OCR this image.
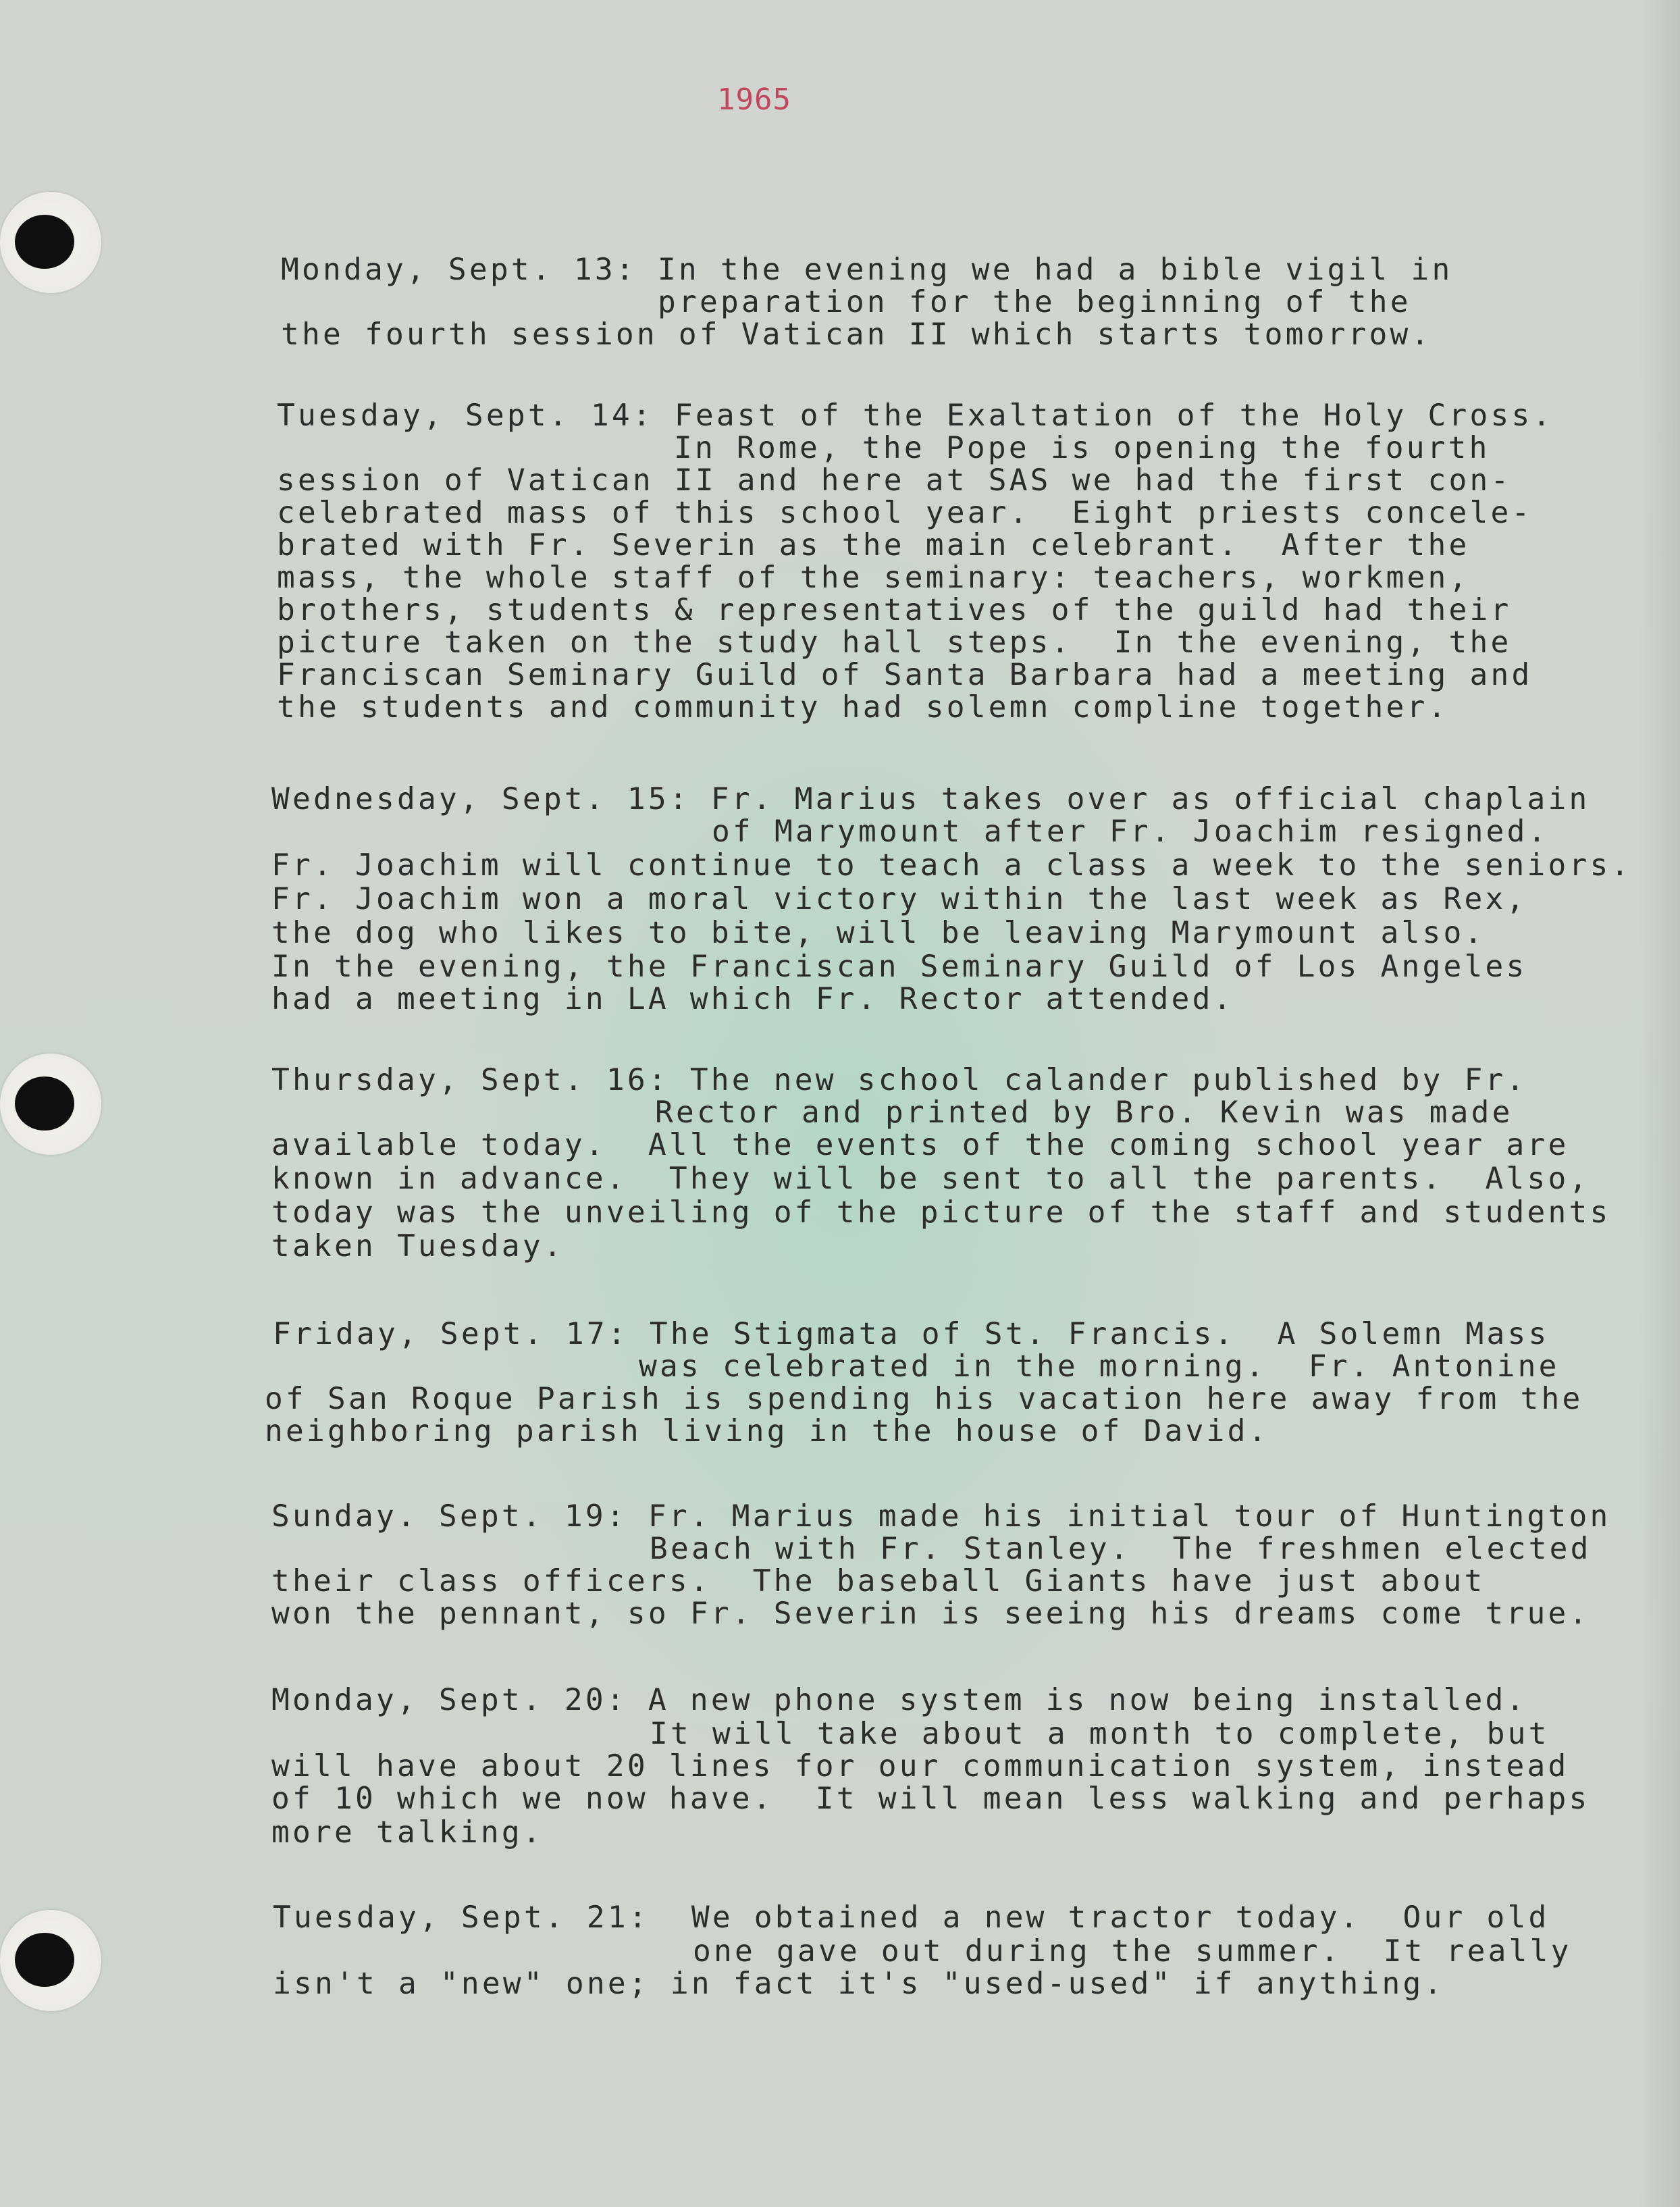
1965
Monday, Sept. 13: In the evening we had a bible vigil in
preparation for the beginning of the
the fourth session of Vatican II which starts tomorrow.
Tuesday, Sept. 14: Feast of the Exaltation of the Holy Cross.
In Rome, the Pope is opening the fourth
session of Vatican II and here at SAS we had the first con-
celebrated mass of this school year.  Eight priests concele-
brated with Fr. Severin as the main celebrant.  After the
mass, the whole staff of the seminary: teachers, workmen,
brothers, students & representatives of the guild had their
picture taken on the study hall steps.  In the evening, the
Franciscan Seminary Guild of Santa Barbara had a meeting and
the students and community had solemn compline together.
Wednesday, Sept. 15: Fr. Marius takes over as official chaplain
of Marymount after Fr. Joachim resigned.
Fr. Joachim will continue to teach a class a week to the seniors.
Fr. Joachim won a moral victory within the last week as Rex,
the dog who likes to bite, will be leaving Marymount also.
In the evening, the Franciscan Seminary Guild of Los Angeles
had a meeting in LA which Fr. Rector attended.
Thursday, Sept. 16: The new school calander published by Fr.
Rector and printed by Bro. Kevin was made
available today.  All the events of the coming school year are
known in advance.  They will be sent to all the parents.  Also,
today was the unveiling of the picture of the staff and students
taken Tuesday.
Friday, Sept. 17: The Stigmata of St. Francis.  A Solemn Mass
was celebrated in the morning.  Fr. Antonine
of San Roque Parish is spending his vacation here away from the
neighboring parish living in the house of David.
Sunday. Sept. 19: Fr. Marius made his initial tour of Huntington
Beach with Fr. Stanley.  The freshmen elected
their class officers.  The baseball Giants have just about
won the pennant, so Fr. Severin is seeing his dreams come true.
Monday, Sept. 20: A new phone system is now being installed.
It will take about a month to complete, but
will have about 20 lines for our communication system, instead
of 10 which we now have.  It will mean less walking and perhaps
more talking.
Tuesday, Sept. 21:  We obtained a new tractor today.  Our old
one gave out during the summer.  It really
isn't a "new" one; in fact it's "used-used" if anything.
